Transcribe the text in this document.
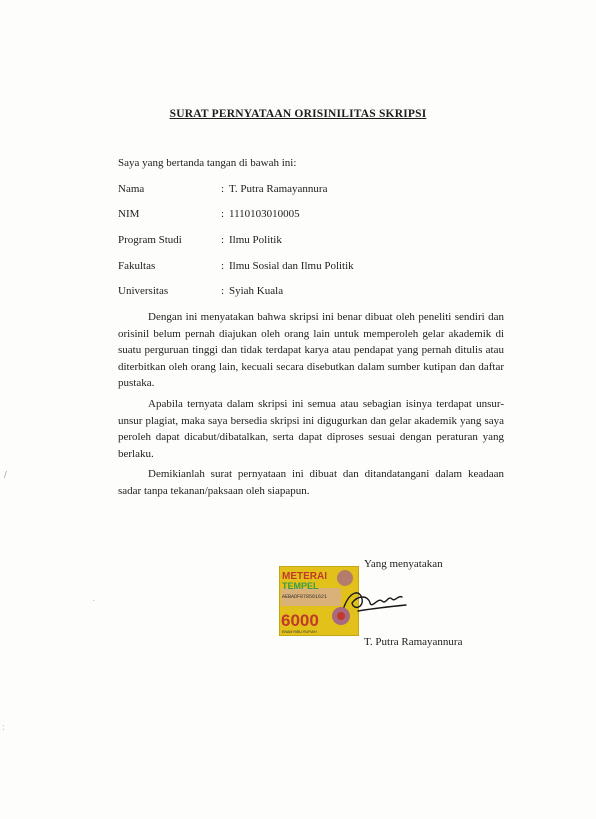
SURAT PERNYATAAN ORISINILITAS SKRIPSI
Saya yang bertanda tangan di bawah ini:
Nama	: T. Putra Ramayannura
NIM	: 1110103010005
Program Studi	: Ilmu Politik
Fakultas	: Ilmu Sosial dan Ilmu Politik
Universitas	: Syiah Kuala

Dengan ini menyatakan bahwa skripsi ini benar dibuat oleh peneliti sendiri dan orisinil belum pernah diajukan oleh orang lain untuk memperoleh gelar akademik di suatu perguruan tinggi dan tidak terdapat karya atau pendapat yang pernah ditulis atau diterbitkan oleh orang lain, kecuali secara disebutkan dalam sumber kutipan dan daftar pustaka.

Apabila ternyata dalam skripsi ini semua atau sebagian isinya terdapat unsur-unsur plagiat, maka saya bersedia skripsi ini digugurkan dan gelar akademik yang saya peroleh dapat dicabut/dibatalkan, serta dapat diproses sesuai dengan peraturan yang berlaku.

Demikianlah surat pernyataan ini dibuat dan ditandatangani dalam keadaan sadar tanpa tekanan/paksaan oleh siapapun.

Yang menyatakan
METERAI
TEMPEL
AEBADF878561621
6000
ENAM RIBU RUPIAH
T. Putra Ramayannura
/
·
:
